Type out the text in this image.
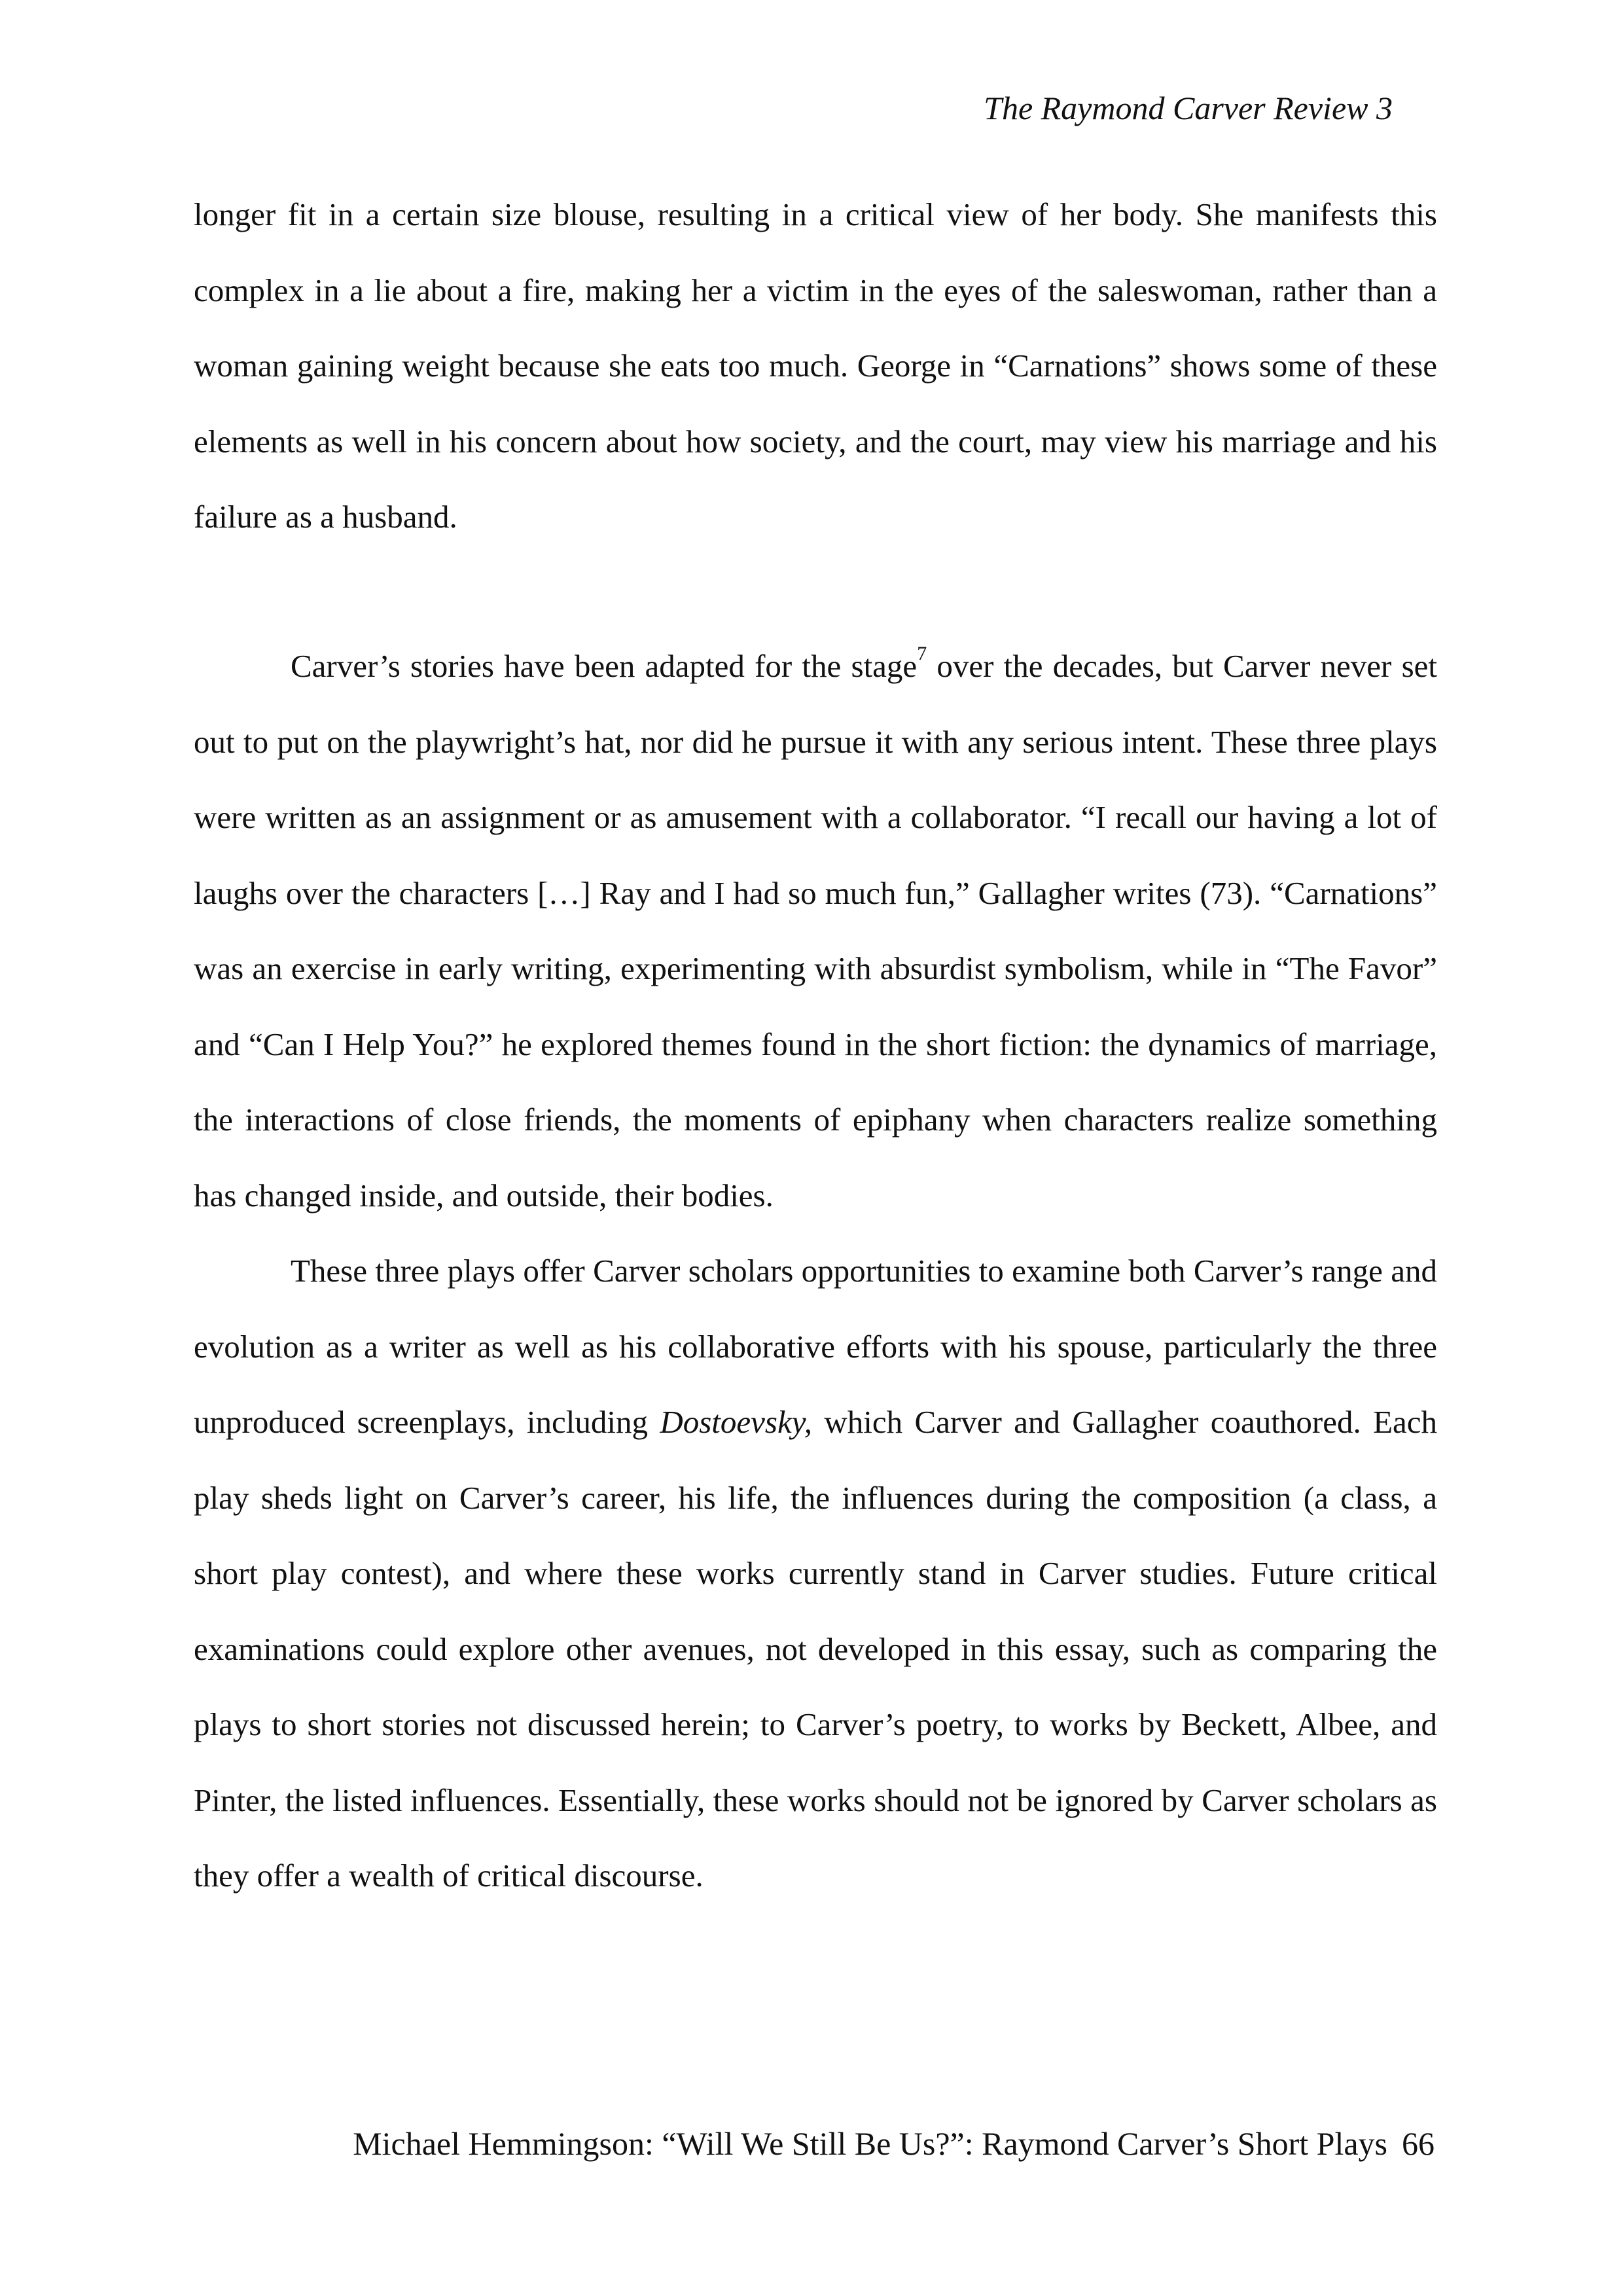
The Raymond Carver Review 3

longer fit in a certain size blouse, resulting in a critical view of her body. She manifests this complex in a lie about a fire, making her a victim in the eyes of the saleswoman, rather than a woman gaining weight because she eats too much. George in “Carnations” shows some of these elements as well in his concern about how society, and the court, may view his marriage and his failure as a husband.

Carver’s stories have been adapted for the stage$^7$ over the decades, but Carver never set out to put on the playwright’s hat, nor did he pursue it with any serious intent. These three plays were written as an assignment or as amusement with a collaborator. “I recall our having a lot of laughs over the characters […] Ray and I had so much fun,” Gallagher writes (73). “Carnations” was an exercise in early writing, experimenting with absurdist symbolism, while in “The Favor” and “Can I Help You?” he explored themes found in the short fiction: the dynamics of marriage, the interactions of close friends, the moments of epiphany when characters realize something has changed inside, and outside, their bodies.

These three plays offer Carver scholars opportunities to examine both Carver’s range and evolution as a writer as well as his collaborative efforts with his spouse, particularly the three unproduced screenplays, including Dostoevsky, which Carver and Gallagher coauthored. Each play sheds light on Carver’s career, his life, the influences during the composition (a class, a short play contest), and where these works currently stand in Carver studies. Future critical examinations could explore other avenues, not developed in this essay, such as comparing the plays to short stories not discussed herein; to Carver’s poetry, to works by Beckett, Albee, and Pinter, the listed influences. Essentially, these works should not be ignored by Carver scholars as they offer a wealth of critical discourse.

Michael Hemmingson: “Will We Still Be Us?”: Raymond Carver’s Short Plays 66
